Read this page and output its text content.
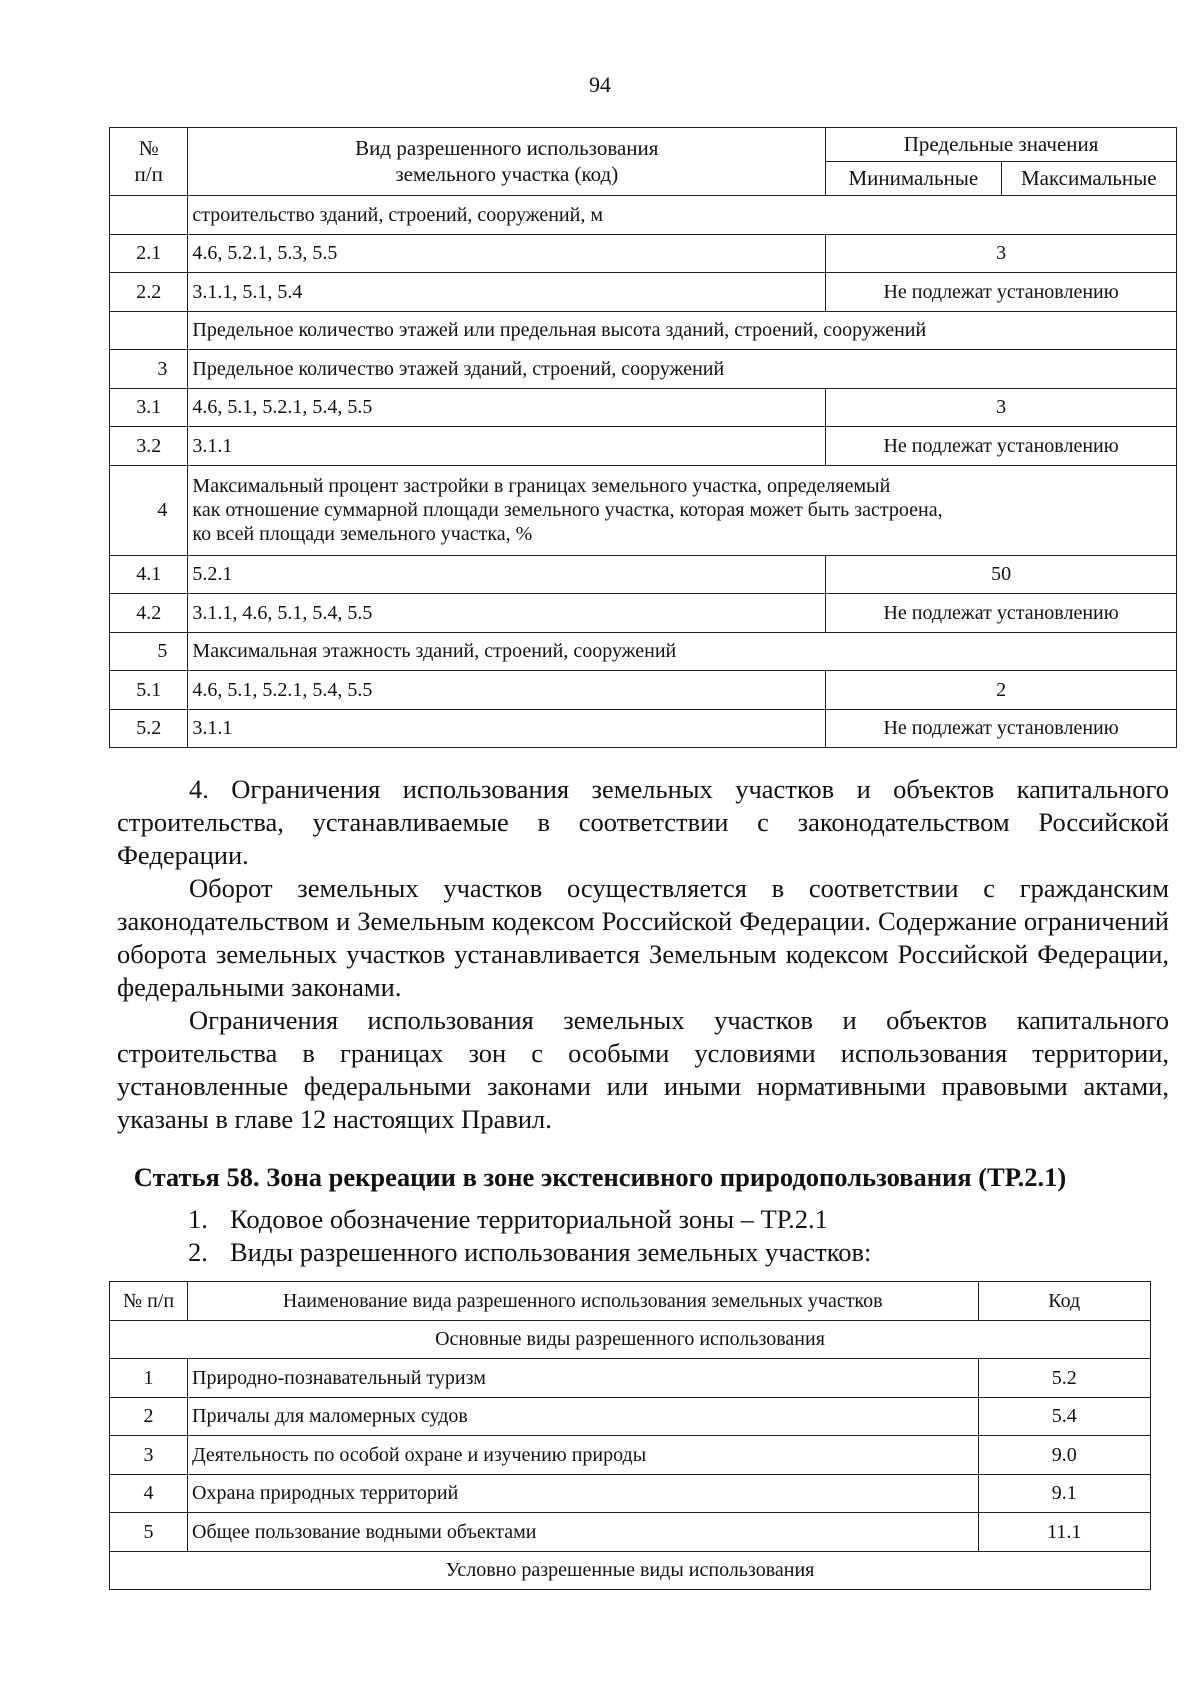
94
№
п/п	Вид разрешенного использования земельного участка (код)	Предельные значения	
		Минимальные	Максимальные
	строительство зданий, строений, сооружений, м		
2.1	4.6, 5.2.1, 5.3, 5.5	3	
2.2	3.1.1, 5.1, 5.4	Не подлежат установлению	
	Предельное количество этажей или предельная высота зданий, строений, сооружений		
3	Предельное количество этажей зданий, строений, сооружений		
3.1	4.6, 5.1, 5.2.1, 5.4, 5.5	3	
3.2	3.1.1	Не подлежат установлению	
4	Максимальный процент застройки в границах земельного участка, определяемый
как отношение суммарной площади земельного участка, которая может быть застроена,
ко всей площади земельного участка, %		

4.1	5.2.1	50	
4.2	3.1.1, 4.6, 5.1, 5.4, 5.5	Не подлежат установлению	
5	Максимальная этажность зданий, строений, сооружений		
5.1	4.6, 5.1, 5.2.1, 5.4, 5.5	2	
5.2	3.1.1	Не подлежат установлению	

4. Ограничения использования земельных участков и объектов капитального строительства, устанавливаемые в соответствии с законодательством Российской Федерации.

Оборот земельных участков осуществляется в соответствии с гражданским законодательством и Земельным кодексом Российской Федерации. Содержание ограничений оборота земельных участков устанавливается Земельным кодексом Российской Федерации, федеральными законами.

Ограничения использования земельных участков и объектов капитального строительства в границах зон с особыми условиями использования территории, установленные федеральными законами или иными нормативными правовыми актами, указаны в главе 12 настоящих Правил.

Статья 58. Зона рекреации в зоне экстенсивного природопользования (ТР.2.1)
1. Кодовое обозначение территориальной зоны – ТР.2.1
2. Виды разрешенного использования земельных участков:
№ п/п	Наименование вида разрешенного использования земельных участков	Код
Основные виды разрешенного использования		
1	Природно-познавательный туризм	5.2
2	Причалы для маломерных судов	5.4
3	Деятельность по особой охране и изучению природы	9.0
4	Охрана природных территорий	9.1
5	Общее пользование водными объектами	11.1
Условно разрешенные виды использования		
